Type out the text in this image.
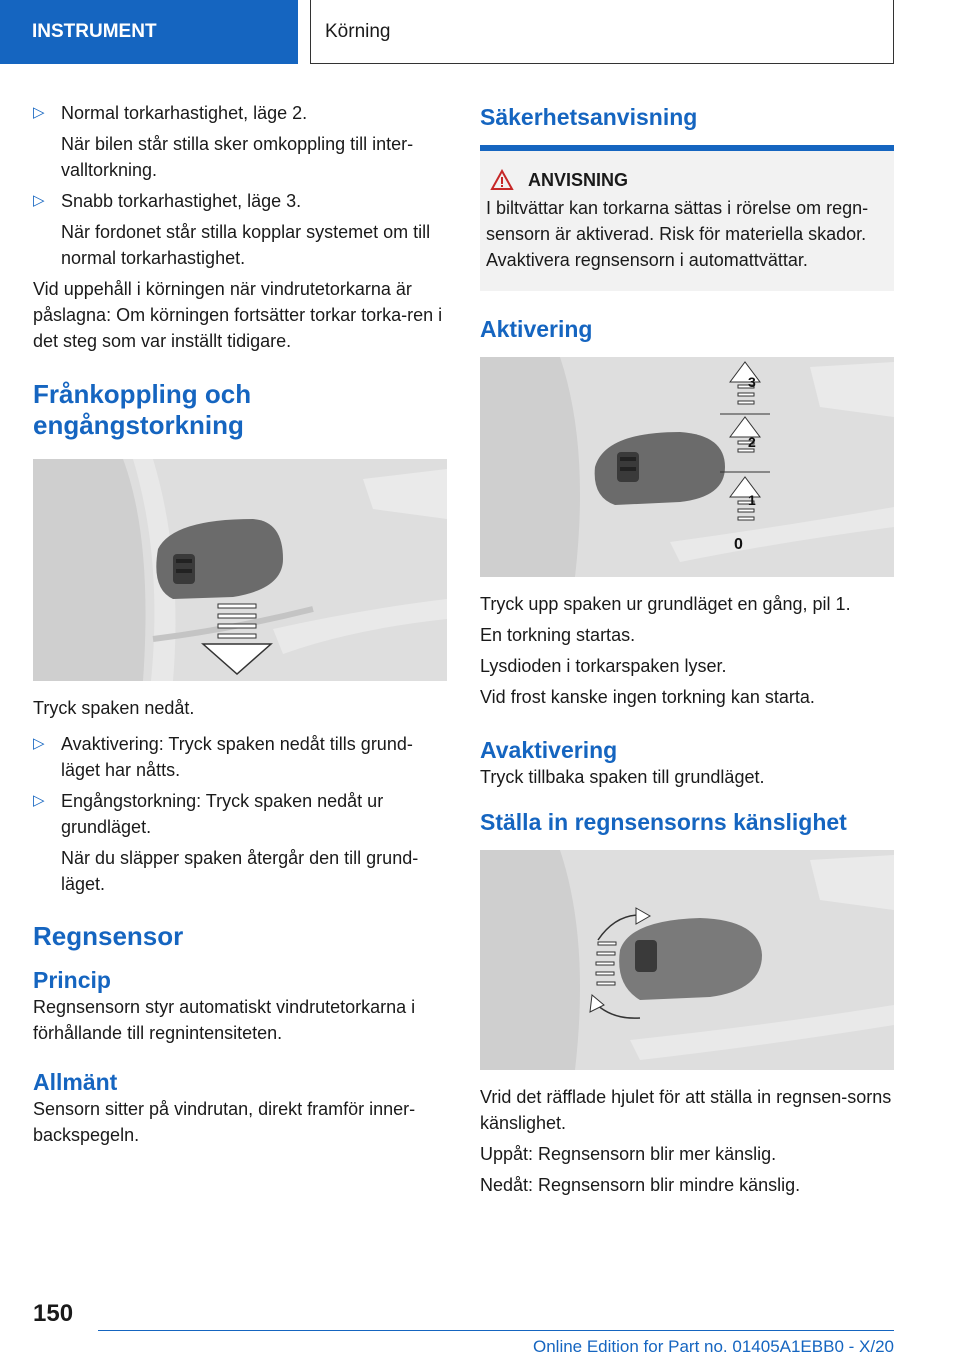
INSTRUMENT	Körning
▷ Normal torkarhastighet, läge 2.
När bilen står stilla sker omkoppling till inter-valltorkning.
▷ Snabb torkarhastighet, läge 3.
När fordonet står stilla kopplar systemet om till normal torkarhastighet.

Vid uppehåll i körningen när vindrutetorkarna är påslagna: Om körningen fortsätter torkar torka-ren i det steg som var inställt tidigare.

Frånkoppling och engångstorkning

Tryck spaken nedåt.

▷ Avaktivering: Tryck spaken nedåt tills grund-läget har nåtts.
▷ Engångstorkning: Tryck spaken nedåt ur grundläget.
När du släpper spaken återgår den till grund-läget.
Regnsensor
Princip

Regnsensorn styr automatiskt vindrutetorkarna i förhållande till regnintensiteten.

Allmänt

Sensorn sitter på vindrutan, direkt framför inner-backspegeln.

Säkerhetsanvisning
ANVISNING

I biltvättar kan torkarna sättas i rörelse om regn-sensorn är aktiverad. Risk för materiella skador. Avaktivera regnsensorn i automattvättar.

Aktivering
3
2
1
0

Tryck upp spaken ur grundläget en gång, pil 1.

En torkning startas.

Lysdioden i torkarspaken lyser.

Vid frost kanske ingen torkning kan starta.

Avaktivering

Tryck tillbaka spaken till grundläget.

Ställa in regnsensorns känslighet

Vrid det räfflade hjulet för att ställa in regnsen-sorns känslighet.

Uppåt: Regnsensorn blir mer känslig.

Nedåt: Regnsensorn blir mindre känslig.

150
Online Edition for Part no. 01405A1EBB0 - X/20
